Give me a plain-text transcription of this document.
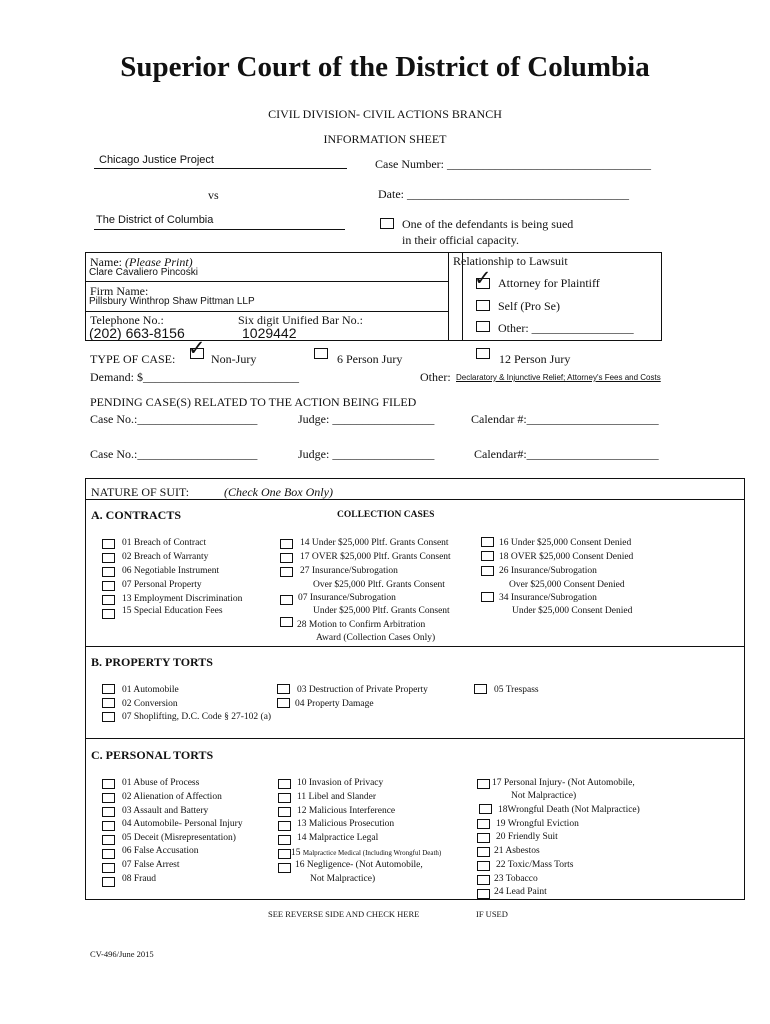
Superior Court of the District of Columbia
CIVIL DIVISION- CIVIL ACTIONS BRANCH
INFORMATION SHEET
Chicago Justice Project	Case Number: __________________________________
vs	Date: _____________________________________
The District of Columbia	One of the defendants is being sued
in their official capacity.
Name: (Please Print)
Clare Cavaliero Pincoski
Firm Name:
Pillsbury Winthrop Shaw Pittman LLP
Telephone No.:	Six digit Unified Bar No.:
(202) 663-8156	1029442
Relationship to Lawsuit
✓ Attorney for Plaintiff
Self (Pro Se)
Other: _________________
TYPE OF CASE: ✓ Non-Jury	6 Person Jury	12 Person Jury
Demand: $__________________________	Other: Declaratory & Injunctive Relief; Attorney's Fees and Costs
PENDING CASE(S) RELATED TO THE ACTION BEING FILED
Case No.:____________________	Judge: _________________	Calendar #:______________________
Case No.:____________________	Judge: _________________	Calendar#:______________________
NATURE OF SUIT:	(Check One Box Only)
A. CONTRACTS	COLLECTION CASES
01 Breach of Contract
02 Breach of Warranty
06 Negotiable Instrument
07 Personal Property
13 Employment Discrimination
15 Special Education Fees
14 Under $25,000 Pltf. Grants Consent
17 OVER $25,000 Pltf. Grants Consent
27 Insurance/Subrogation
Over $25,000 Pltf. Grants Consent
07 Insurance/Subrogation
Under $25,000 Pltf. Grants Consent
28 Motion to Confirm Arbitration
Award (Collection Cases Only)
16 Under $25,000 Consent Denied
18 OVER $25,000 Consent Denied
26 Insurance/Subrogation
Over $25,000 Consent Denied
34 Insurance/Subrogation
Under $25,000 Consent Denied
B. PROPERTY TORTS
01 Automobile
02 Conversion
07 Shoplifting, D.C. Code § 27-102 (a)
03 Destruction of Private Property
04 Property Damage
05 Trespass
C. PERSONAL TORTS
01 Abuse of Process
02 Alienation of Affection
03 Assault and Battery
04 Automobile- Personal Injury
05 Deceit (Misrepresentation)
06 False Accusation
07 False Arrest
08 Fraud
10 Invasion of Privacy
11 Libel and Slander
12 Malicious Interference
13 Malicious Prosecution
14 Malpractice Legal
15 Malpractice Medical (Including Wrongful Death)
16 Negligence- (Not Automobile,
Not Malpractice)
17 Personal Injury- (Not Automobile,
Not Malpractice)
18Wrongful Death (Not Malpractice)
19 Wrongful Eviction
20 Friendly Suit
21 Asbestos
22 Toxic/Mass Torts
23 Tobacco
24 Lead Paint
SEE REVERSE SIDE AND CHECK HERE	IF USED
CV-496/June 2015
